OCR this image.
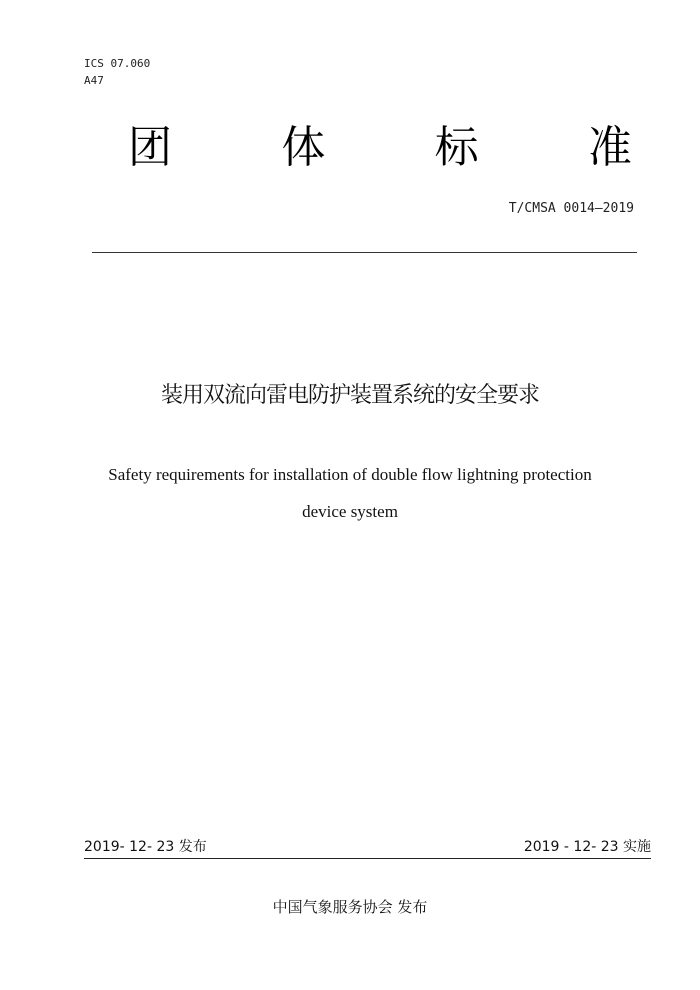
ICS 07.060
A47
团	体	标	准
T/CMSA 0014—2019
装用双流向雷电防护装置系统的安全要求
Safety requirements for installation of double flow lightning protection
device system
2019- 12- 23 发布	2019 - 12- 23 实施
中国气象服务协会 发布
